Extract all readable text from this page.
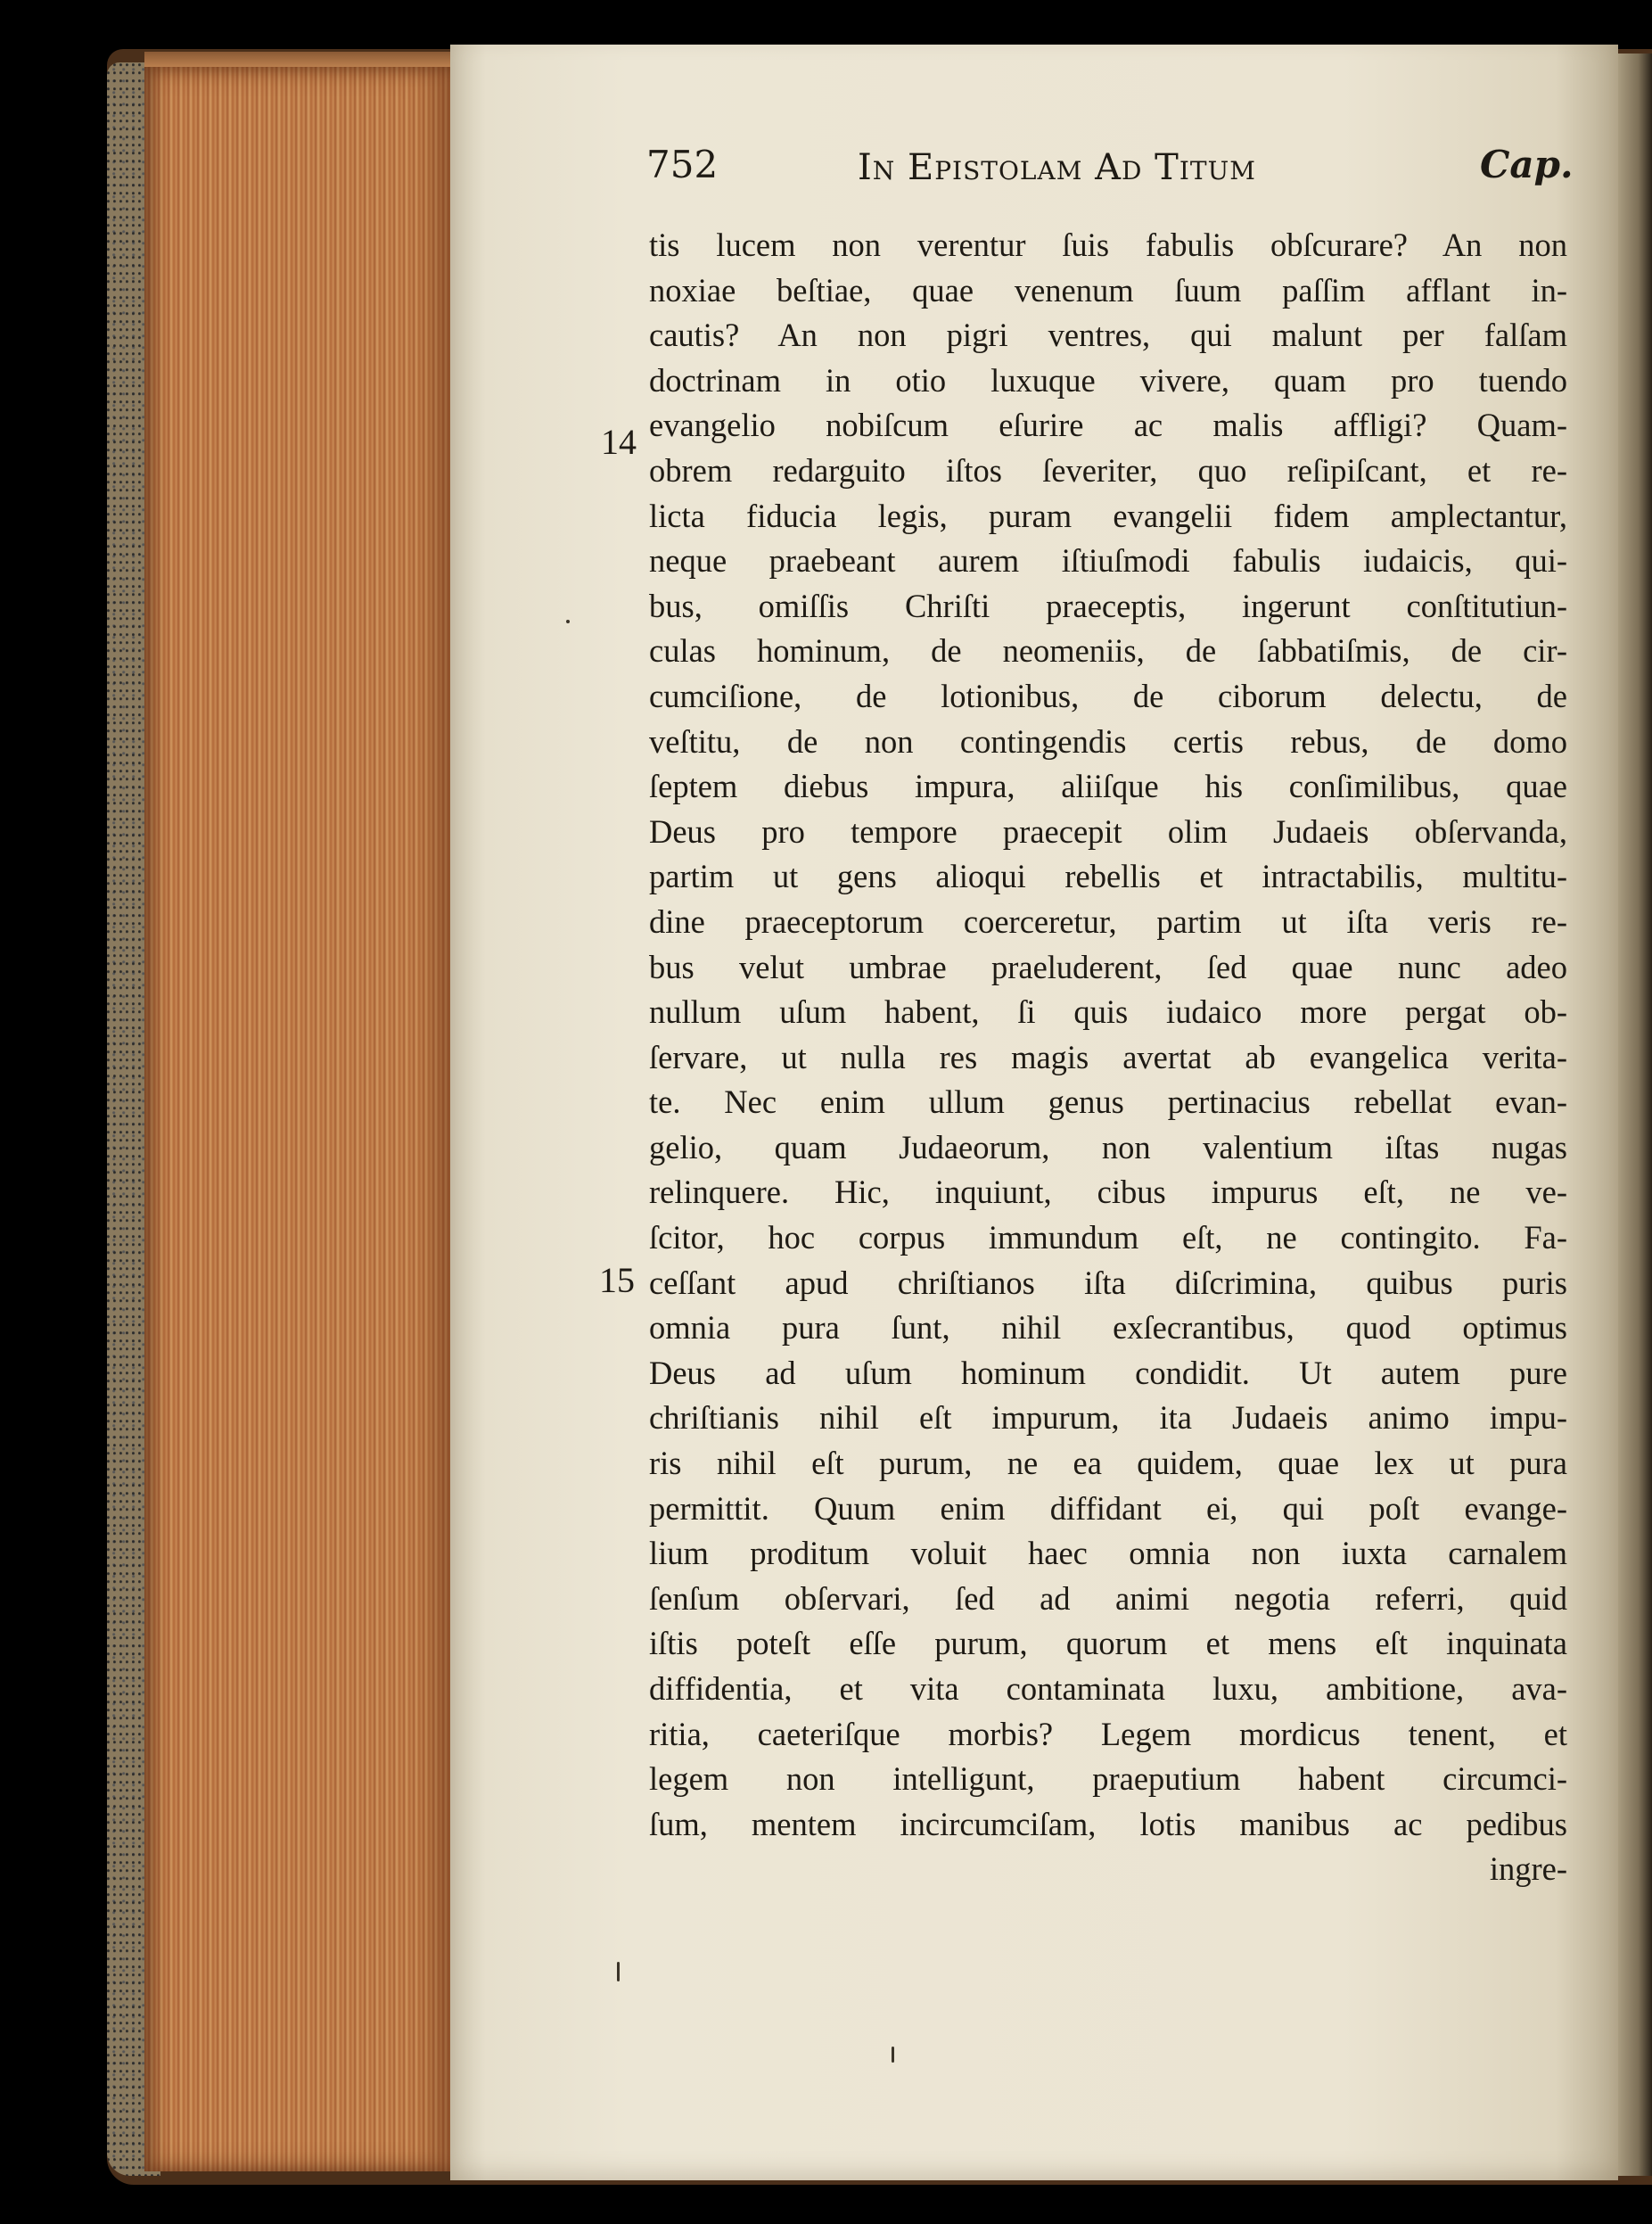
752	In Epistolam Ad Titum	Cap.
14
15
tis lucem non verentur ſuis fabulis obſcurare? An non
noxiae beſtiae, quae venenum ſuum paſſim afflant in-
cautis? An non pigri ventres, qui malunt per falſam
doctrinam in otio luxuque vivere, quam pro tuendo
evangelio nobiſcum eſurire ac malis affligi? Quam-
obrem redarguito iſtos ſeveriter, quo reſipiſcant, et re-
licta fiducia legis, puram evangelii fidem amplectantur,
neque praebeant aurem iſtiuſmodi fabulis iudaicis, qui-
bus, omiſſis Chriſti praeceptis, ingerunt conſtitutiun-
culas hominum, de neomeniis, de ſabbatiſmis, de cir-
cumciſione, de lotionibus, de ciborum delectu, de
veſtitu, de non contingendis certis rebus, de domo
ſeptem diebus impura, aliiſque his conſimilibus, quae
Deus pro tempore praecepit olim Judaeis obſervanda,
partim ut gens alioqui rebellis et intractabilis, multitu-
dine praeceptorum coerceretur, partim ut iſta veris re-
bus velut umbrae praeluderent, ſed quae nunc adeo
nullum uſum habent, ſi quis iudaico more pergat ob-
ſervare, ut nulla res magis avertat ab evangelica verita-
te. Nec enim ullum genus pertinacius rebellat evan-
gelio, quam Judaeorum, non valentium iſtas nugas
relinquere. Hic, inquiunt, cibus impurus eſt, ne ve-
ſcitor, hoc corpus immundum eſt, ne contingito. Fa-
ceſſant apud chriſtianos iſta diſcrimina, quibus puris
omnia pura ſunt, nihil exſecrantibus, quod optimus
Deus ad uſum hominum condidit. Ut autem pure
chriſtianis nihil eſt impurum, ita Judaeis animo impu-
ris nihil eſt purum, ne ea quidem, quae lex ut pura
permittit. Quum enim diffidant ei, qui poſt evange-
lium proditum voluit haec omnia non iuxta carnalem
ſenſum obſervari, ſed ad animi negotia referri, quid
iſtis poteſt eſſe purum, quorum et mens eſt inquinata
diffidentia, et vita contaminata luxu, ambitione, ava-
ritia, caeteriſque morbis? Legem mordicus tenent, et
legem non intelligunt, praeputium habent circumci-
ſum, mentem incircumciſam, lotis manibus ac pedibus
ingre-
